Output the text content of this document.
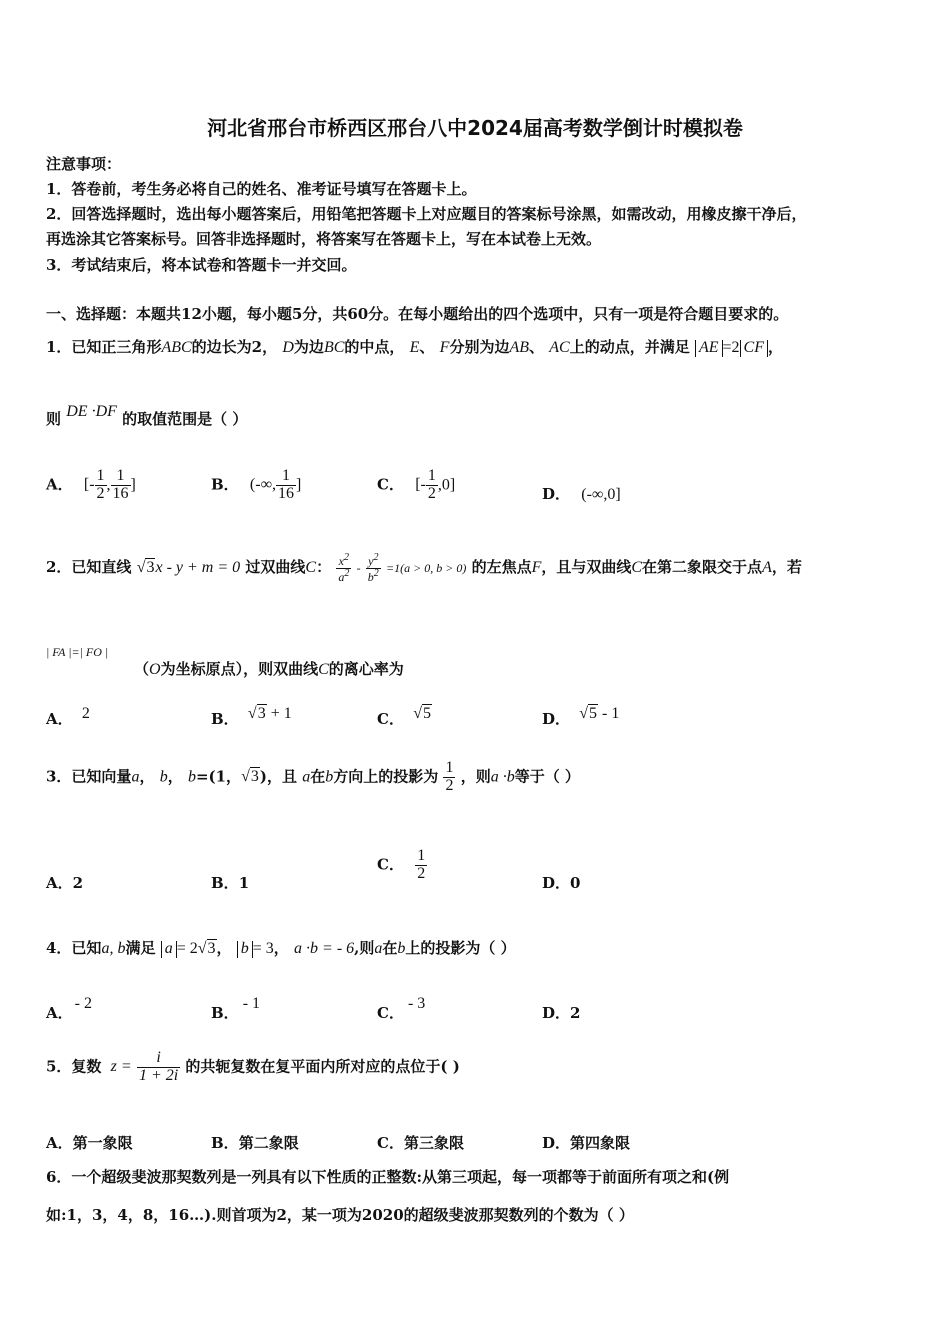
河北省邢台市桥西区邢台八中2024届高考数学倒计时模拟卷
注意事项：
1．答卷前，考生务必将自己的姓名、准考证号填写在答题卡上。
2．回答选择题时，选出每小题答案后，用铅笔把答题卡上对应题目的答案标号涂黑，如需改动，用橡皮擦干净后，
再选涂其它答案标号。回答非选择题时，将答案写在答题卡上，写在本试卷上无效。
3．考试结束后，将本试卷和答题卡一并交回。
一、选择题：本题共12小题，每小题5分，共60分。在每小题给出的四个选项中，只有一项是符合题目要求的。
1．已知正三角形ABC的边长为2， D为边BC的中点， E、 F分别为边AB、 AC上的动点，并满足 AE =2 CF ，
则 DE ·DF 的取值范围是（ ）
A． [- $\frac{1}{2}$ , $\frac{1}{16}$ ]	B． (-∞, $\frac{1}{16}$ ]	C． [- $\frac{1}{2} ,0$]
D． (-∞,0]
2．已知直线 √3x - y + m = 0 过双曲线C： $\frac{x^2}{a^2} - \frac{y^2}{b^2} =1(a > 0$, b > 0) 的左焦点F，且与双曲线C在第二象限交于点A，若
| FA |=| FO |
（O为坐标原点），则双曲线C的离心率为
A． 2	B． √3 + 1	C． √5	D． √5 - 1
3．已知向量a， b， b=(1，√3)，且 a在b方向上的投影为 $\frac{1}{2}$ ，则a ·b等于（ ）
A．2	B．1
C． $\frac{1}{2}$
D．0
4．已知a, b满足 a = 2√3， b = 3， a ·b = - 6,则a在b上的投影为（ ）
A．- 2
B．- 1
C．- 3
D．2
5．复数 $z = \frac{i}{1 + 2i}$ 的共轭复数在复平面内所对应的点位于( )
A．第一象限	B．第二象限	C．第三象限	D．第四象限
6．一个超级斐波那契数列是一列具有以下性质的正整数:从第三项起，每一项都等于前面所有项之和(例
如:1，3，4，8，16…).则首项为2，某一项为2020的超级斐波那契数列的个数为（ ）
